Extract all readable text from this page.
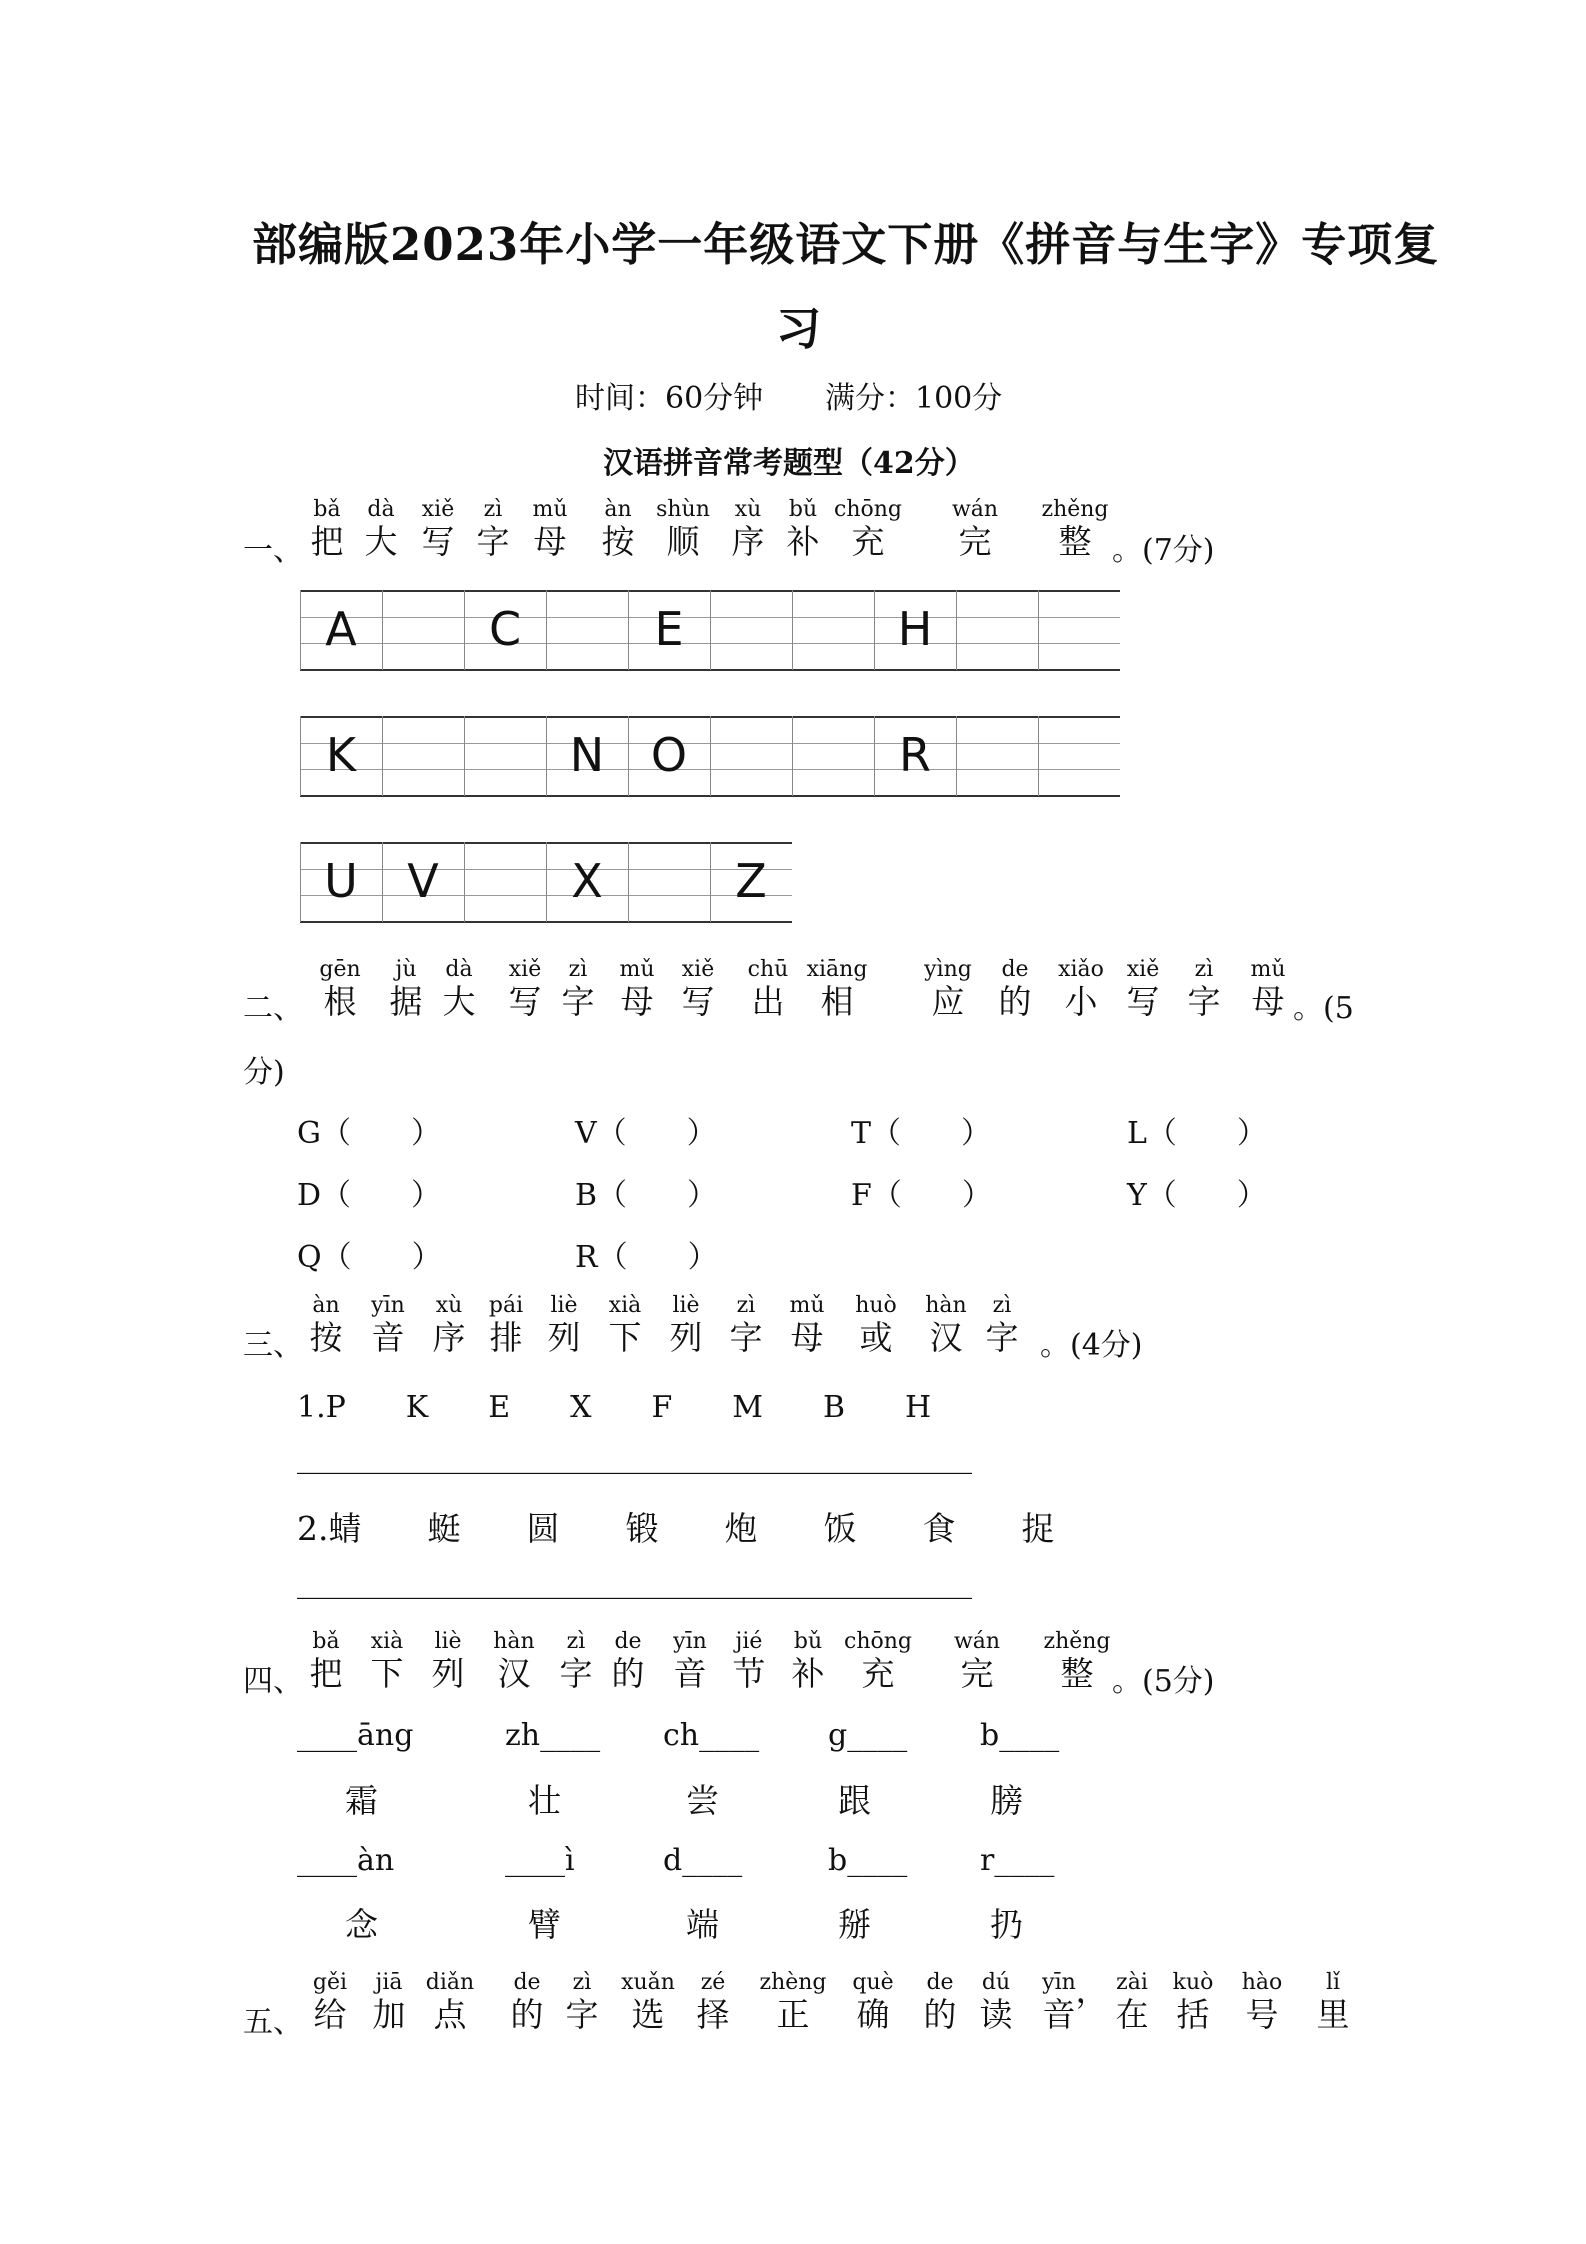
部编版2023年小学一年级语文下册《拼音与生字》专项复
习
时间：60分钟 满分：100分
汉语拼音常考题型（42分）
一、
bǎ
把
dà
大
xiě
写
zì
字
mǔ
母
àn
按
shùn
顺
xù
序
bǔ
补
chōng
充
wán
完
zhěng
整 。(7分)
A	C	E	H
K	N	O	R
U	V	X	Z
二、
gēn
根
jù
据
dà
大
xiě
写
zì
字
mǔ
母
xiě
写
chū
出
xiāng
相
yìng
应
de
的
xiǎo
小
xiě
写
zì
字
mǔ
母 。(5
分)
G（　　）	V（　　）	T（　　）	L（　　）
D（　　）	B（　　）	F（　　）	Y（　　）
Q（　　）	R（　　）
三、
àn
按
yīn
音
xù
序
pái
排
liè
列
xià
下
liè
列
zì
字
mǔ
母
huò
或
hàn
汉
zì
字 。(4分)
1.P　　K　　E　　X　　F　　M　　B　　H
_____________________________________________
2.蜻　　蜓　　圆　　锻　　炮　　饭　　食　　捉
_____________________________________________
四、
bǎ
把
xià
下
liè
列
hàn
汉
zì
字
de
的
yīn
音
jié
节
bǔ
补
chōng
充
wán
完
zhěng
整 。(5分)
____āng	zh____ ch____ g____ b____
霜	壮	尝	跟	膀
____àn	____ì	d____	b____ r____
念	臂	端	掰	扔
五、
gěi
给
jiā
加
diǎn
点
de
的
zì
字
xuǎn
选
zé
择
zhèng
正
què
确
de
的
dú
读
yīn
音
， zài
在
kuò
括
hào
号
lǐ
里
